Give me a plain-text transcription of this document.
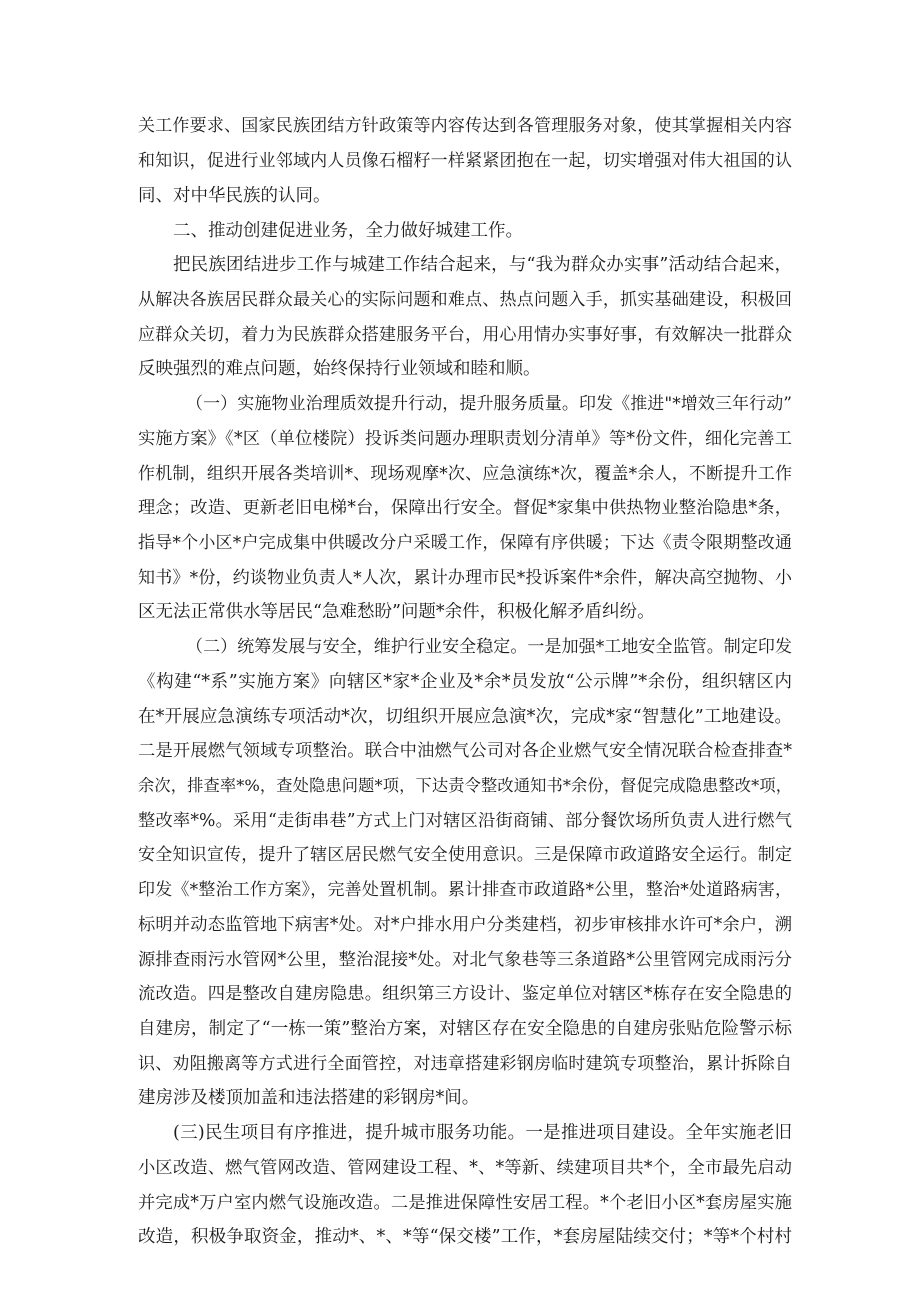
关工作要求、国家民族团结方针政策等内容传达到各管理服务对象，使其掌握相关内容
和知识，促进行业邻域内人员像石榴籽一样紧紧团抱在一起，切实增强对伟大祖国的认
同、对中华民族的认同。
二、推动创建促进业务，全力做好城建工作。
把民族团结进步工作与城建工作结合起来，与“我为群众办实事”活动结合起来，
从解决各族居民群众最关心的实际问题和难点、热点问题入手，抓实基础建设，积极回
应群众关切，着力为民族群众搭建服务平台，用心用情办实事好事，有效解决一批群众
反映强烈的难点问题，始终保持行业领域和睦和顺。
（一）实施物业治理质效提升行动，提升服务质量。印发《推进"*增效三年行动”
实施方案》《*区（单位楼院）投诉类问题办理职责划分清单》等*份文件，细化完善工
作机制，组织开展各类培训*、现场观摩*次、应急演练*次，覆盖*余人，不断提升工作
理念；改造、更新老旧电梯*台，保障出行安全。督促*家集中供热物业整治隐患*条，
指导*个小区*户完成集中供暖改分户采暖工作，保障有序供暖；下达《责令限期整改通
知书》*份，约谈物业负责人*人次，累计办理市民*投诉案件*余件，解决高空抛物、小
区无法正常供水等居民“急难愁盼”问题*余件，积极化解矛盾纠纷。
（二）统筹发展与安全，维护行业安全稳定。一是加强*工地安全监管。制定印发
《构建“*系”实施方案》向辖区*家*企业及*余*员发放“公示牌”*余份，组织辖区内
在*开展应急演练专项活动*次，切组织开展应急演*次，完成*家“智慧化”工地建设。
二是开展燃气领域专项整治。联合中油燃气公司对各企业燃气安全情况联合检查排查*
余次，排查率*%，查处隐患问题*项，下达责令整改通知书*余份，督促完成隐患整改*项，
整改率*%。采用“走街串巷”方式上门对辖区沿街商铺、部分餐饮场所负责人进行燃气
安全知识宣传，提升了辖区居民燃气安全使用意识。三是保障市政道路安全运行。制定
印发《*整治工作方案》，完善处置机制。累计排查市政道路*公里，整治*处道路病害，
标明并动态监管地下病害*处。对*户排水用户分类建档，初步审核排水许可*余户，溯
源排查雨污水管网*公里，整治混接*处。对北气象巷等三条道路*公里管网完成雨污分
流改造。四是整改自建房隐患。组织第三方设计、鉴定单位对辖区*栋存在安全隐患的
自建房，制定了“一栋一策”整治方案，对辖区存在安全隐患的自建房张贴危险警示标
识、劝阻搬离等方式进行全面管控，对违章搭建彩钢房临时建筑专项整治，累计拆除自
建房涉及楼顶加盖和违法搭建的彩钢房*间。
(三)民生项目有序推进，提升城市服务功能。一是推进项目建设。全年实施老旧
小区改造、燃气管网改造、管网建设工程、*、*等新、续建项目共*个，全市最先启动
并完成*万户室内燃气设施改造。二是推进保障性安居工程。*个老旧小区*套房屋实施
改造，积极争取资金，推动*、*、*等“保交楼”工作，*套房屋陆续交付；*等*个村村
